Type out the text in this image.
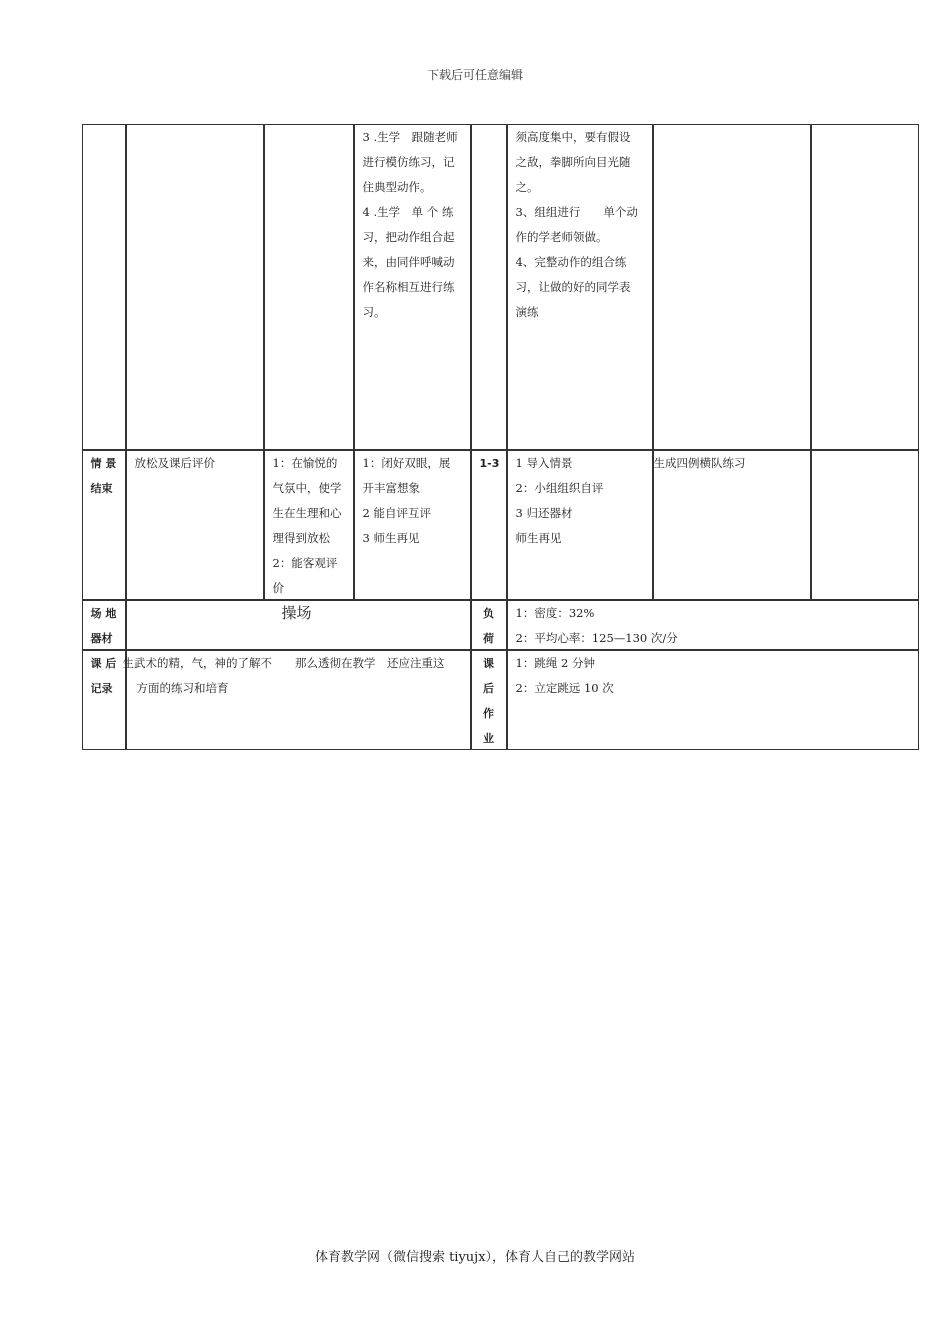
下载后可任意编辑
3 .生学　跟随老师
进行模仿练习，记
住典型动作。
4 .生学　单 个 练
习，把动作组合起
来，由同伴呼喊动
作名称相互进行练
习。
须高度集中，要有假设
之敌，拳脚所向目光随
之。
3、组组进行　　单个动
作的学老师领做。
4、完整动作的组合练
习，让做的好的同学表
演练
情 景
结束
放松及课后评价	1：在愉悦的
气氛中，使学
生在生理和心
理得到放松
2：能客观评
价
1：闭好双眼，展
开丰富想象
2 能自评互评
3 师生再见
1-3 1 导入情景
2：小组组织自评
3 归还器材
师生再见
生成四例横队练习
场 地
器材
操场	负
荷
1：密度：32%
2：平均心率：125—130 次/分
课 后
记录
生武术的精，气，神的了解不　　那么透彻在教学　还应注重这
方面的练习和培育
课
后
作
业
1：跳绳 2 分钟
2：立定跳远 10 次
体育教学网（微信搜索 tiyujx），体育人自己的教学网站
